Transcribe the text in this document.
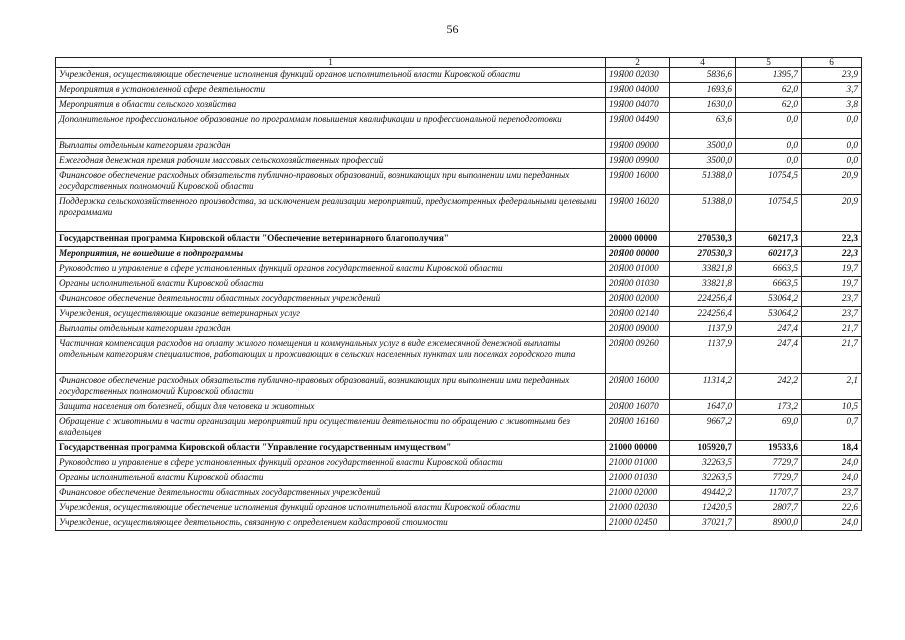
56
1	2	4	5	6
Учреждения, осуществляющие обеспечение исполнения функций органов исполнительной власти Кировской области	19Я00 02030	5836,6	1395,7	23,9
Мероприятия в установленной сфере деятельности	19Я00 04000	1693,6	62,0	3,7
Мероприятия в области сельского хозяйства	19Я00 04070	1630,0	62,0	3,8
Дополнительное профессиональное образование по программам повышения квалификации и профессиональной переподготовки	19Я00 04490	63,6	0,0	0,0
Выплаты отдельным категориям граждан	19Я00 09000	3500,0	0,0	0,0
Ежегодная денежная премия рабочим массовых сельскохозяйственных профессий	19Я00 09900	3500,0	0,0	0,0
Финансовое обеспечение расходных обязательств публично-правовых образований, возникающих при выполнении ими переданных государственных полномочий Кировской области	19Я00 16000	51388,0	10754,5	20,9
Поддержка сельскохозяйственного производства, за исключением реализации мероприятий, предусмотренных федеральными целевыми программами	19Я00 16020	51388,0	10754,5	20,9
Государственная программа Кировской области "Обеспечение ветеринарного благополучия"	20000 00000	270530,3	60217,3	22,3
Мероприятия, не вошедшие в подпрограммы	20Я00 00000	270530,3	60217,3	22,3
Руководство и управление в сфере установленных функций органов государственной власти Кировской области	20Я00 01000	33821,8	6663,5	19,7
Органы исполнительной власти Кировской области	20Я00 01030	33821,8	6663,5	19,7
Финансовое обеспечение деятельности областных государственных учреждений	20Я00 02000	224256,4	53064,2	23,7
Учреждения, осуществляющие оказание ветеринарных услуг	20Я00 02140	224256,4	53064,2	23,7
Выплаты отдельным категориям граждан	20Я00 09000	1137,9	247,4	21,7
Частичная компенсация расходов на оплату жилого помещения и коммунальных услуг в виде ежемесячной денежной выплаты отдельным категориям специалистов, работающих и проживающих в сельских населенных пунктах или поселках городского типа	20Я00 09260	1137,9	247,4	21,7
Финансовое обеспечение расходных обязательств публично-правовых образований, возникающих при выполнении ими переданных государственных полномочий Кировской области	20Я00 16000	11314,2	242,2	2,1
Защита населения от болезней, общих для человека и животных	20Я00 16070	1647,0	173,2	10,5
Обращение с животными в части организации мероприятий при осуществлении деятельности по обращению с животными без владельцев	20Я00 16160	9667,2	69,0	0,7
Государственная программа Кировской области "Управление государственным имуществом"	21000 00000	105920,7	19533,6	18,4
Руководство и управление в сфере установленных функций органов государственной власти Кировской области	21000 01000	32263,5	7729,7	24,0
Органы исполнительной власти Кировской области	21000 01030	32263,5	7729,7	24,0
Финансовое обеспечение деятельности областных государственных учреждений	21000 02000	49442,2	11707,7	23,7
Учреждения, осуществляющие обеспечение исполнения функций органов исполнительной власти Кировской области	21000 02030	12420,5	2807,7	22,6
Учреждение, осуществляющее деятельность, связанную с определением кадастровой стоимости	21000 02450	37021,7	8900,0	24,0
